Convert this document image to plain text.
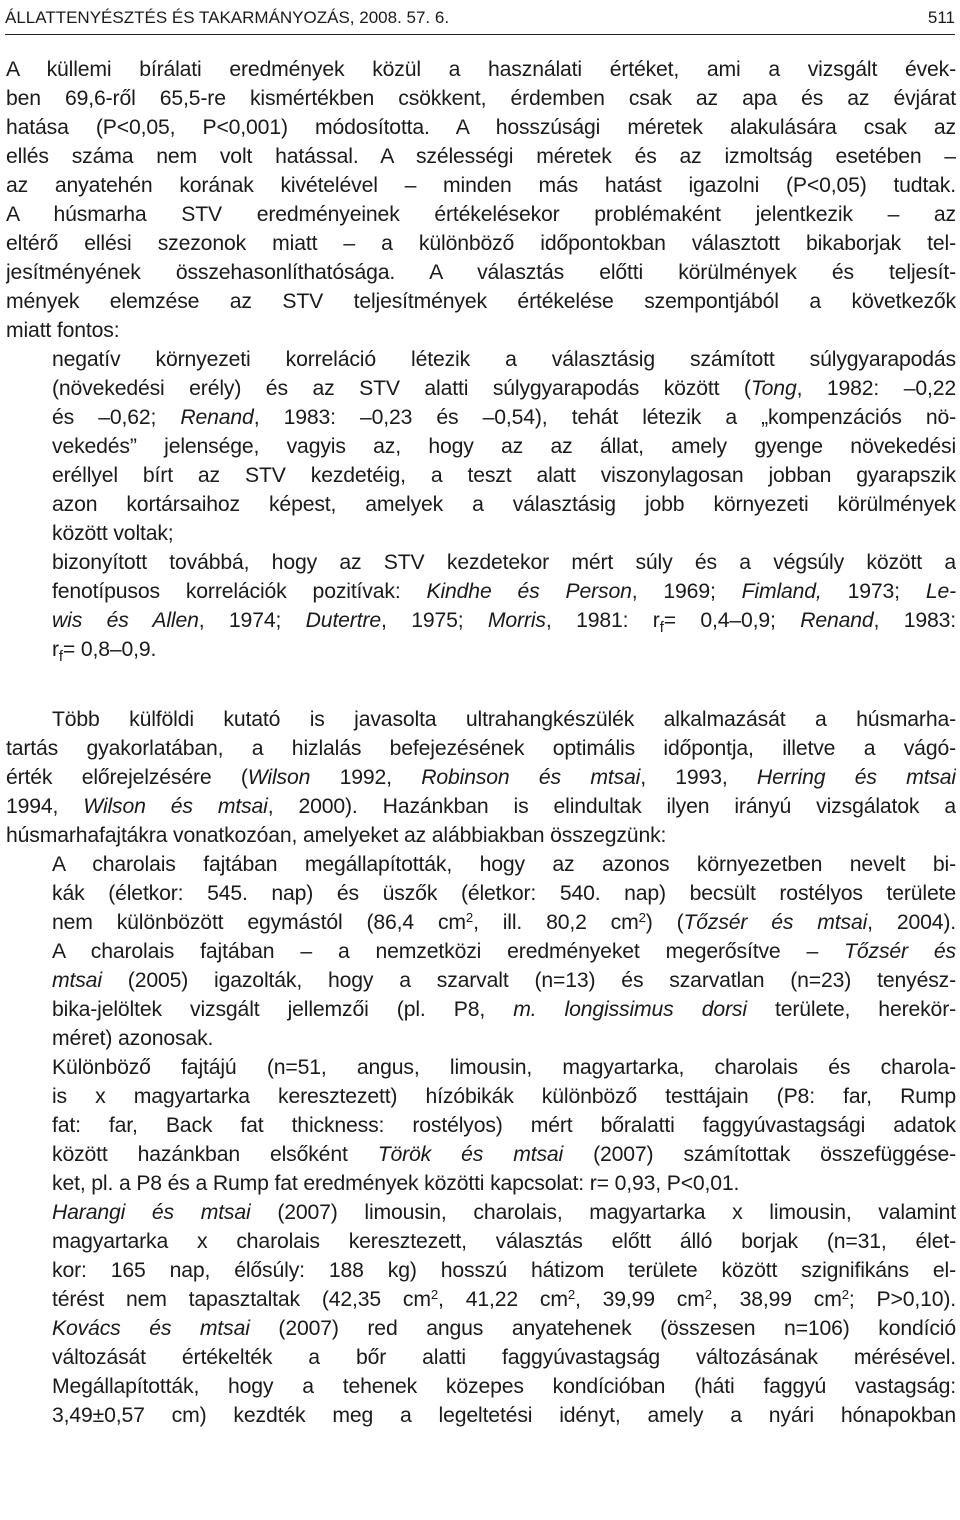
ÁLLATTENYÉSZTÉS ÉS TAKARMÁNYOZÁS, 2008. 57. 6.	511
A küllemi bírálati eredmények közül a használati értéket, ami a vizsgált évek-
ben 69,6-ről 65,5-re kismértékben csökkent, érdemben csak az apa és az évjárat
hatása (P<0,05, P<0,001) módosította. A hosszúsági méretek alakulására csak az
ellés száma nem volt hatással. A szélességi méretek és az izmoltság esetében –
az anyatehén korának kivételével – minden más hatást igazolni (P<0,05) tudtak.
A húsmarha STV eredményeinek értékelésekor problémaként jelentkezik – az
eltérő ellési szezonok miatt – a különböző időpontokban választott bikaborjak tel-
jesítményének összehasonlíthatósága. A választás előtti körülmények és teljesít-
mények elemzése az STV teljesítmények értékelése szempontjából a következők
miatt fontos:
– negatív környezeti korreláció létezik a választásig számított súlygyarapodás
(növekedési erély) és az STV alatti súlygyarapodás között (Tong, 1982: –0,22
és –0,62; Renand, 1983: –0,23 és –0,54), tehát létezik a „kompenzációs nö-
vekedés” jelensége, vagyis az, hogy az az állat, amely gyenge növekedési
eréllyel bírt az STV kezdetéig, a teszt alatt viszonylagosan jobban gyarapszik
azon kortársaihoz képest, amelyek a választásig jobb környezeti körülmények
között voltak;
– bizonyított továbbá, hogy az STV kezdetekor mért súly és a végsúly között a
fenotípusos korrelációk pozitívak: Kindhe és Person, 1969; Fimland, 1973; Le-
wis és Allen, 1974; Dutertre, 1975; Morris, 1981: $r_f= 0,4-0,9$; Renand, 1983:
$r_f= 0,8-0,9$.
Több külföldi kutató is javasolta ultrahangkészülék alkalmazását a húsmarha-
tartás gyakorlatában, a hizlalás befejezésének optimális időpontja, illetve a vágó-
érték előrejelzésére (Wilson 1992, Robinson és mtsai, 1993, Herring és mtsai
1994, Wilson és mtsai, 2000). Hazánkban is elindultak ilyen irányú vizsgálatok a
húsmarhafajtákra vonatkozóan, amelyeket az alábbiakban összegzünk:
– A charolais fajtában megállapították, hogy az azonos környezetben nevelt bi-
kák (életkor: 545. nap) és üszők (életkor: 540. nap) becsült rostélyos területe
nem különbözött egymástól (86,4 $cm^2$, ill. 80,2 $cm^2$) (Tőzsér és mtsai, 2004).
– A charolais fajtában – a nemzetközi eredményeket megerősítve – Tőzsér és
mtsai (2005) igazolták, hogy a szarvalt (n=13) és szarvatlan (n=23) tenyész-
bika-jelöltek vizsgált jellemzői (pl. P8, m. longissimus dorsi területe, herekör-
méret) azonosak.
– Különböző fajtájú (n=51, angus, limousin, magyartarka, charolais és charola-
is x magyartarka keresztezett) hízóbikák különböző testtájain (P8: far, Rump
fat: far, Back fat thickness: rostélyos) mért bőralatti faggyúvastagsági adatok
között hazánkban elsőként Török és mtsai (2007) számítottak összefüggése-
ket, pl. a P8 és a Rump fat eredmények közötti kapcsolat: r= 0,93, P<0,01.
– Harangi és mtsai (2007) limousin, charolais, magyartarka x limousin, valamint
magyartarka x charolais keresztezett, választás előtt álló borjak (n=31, élet-
kor: 165 nap, élősúly: 188 kg) hosszú hátizom területe között szignifikáns el-
térést nem tapasztaltak (42,35 $cm^2$, 41,22 $cm^2$, 39,99 $cm^2$, 38,99 $cm^2$; P>0,10).
– Kovács és mtsai (2007) red angus anyatehenek (összesen n=106) kondíció
változását értékelték a bőr alatti faggyúvastagság változásának mérésével.
Megállapították, hogy a tehenek közepes kondícióban (háti faggyú vastagság:
3,49±0,57 cm) kezdték meg a legeltetési idényt, amely a nyári hónapokban
